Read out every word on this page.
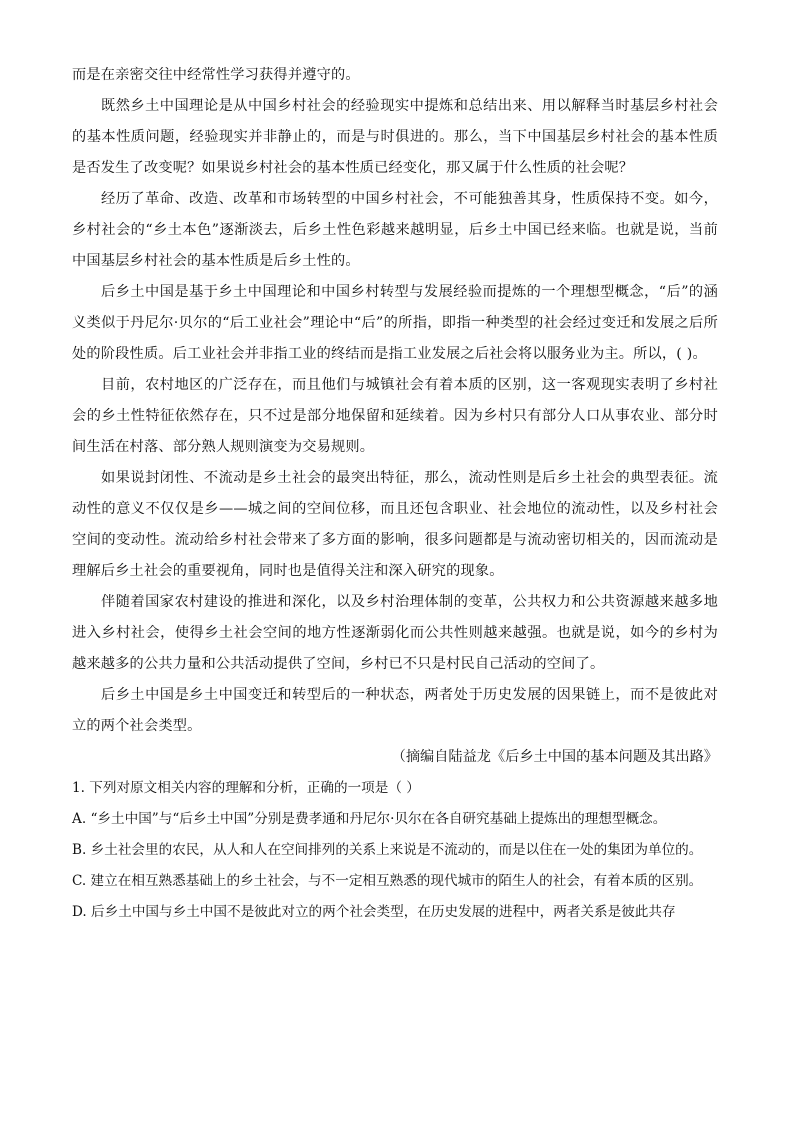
而是在亲密交往中经常性学习获得并遵守的。

既然乡土中国理论是从中国乡村社会的经验现实中提炼和总结出来、用以解释当时基层乡村社会的基本性质问题，经验现实并非静止的，而是与时俱进的。那么，当下中国基层乡村社会的基本性质是否发生了改变呢？如果说乡村社会的基本性质已经变化，那又属于什么性质的社会呢？

经历了革命、改造、改革和市场转型的中国乡村社会，不可能独善其身，性质保持不变。如今，乡村社会的“乡土本色”逐渐淡去，后乡土性色彩越来越明显，后乡土中国已经来临。也就是说，当前中国基层乡村社会的基本性质是后乡土性的。

后乡土中国是基于乡土中国理论和中国乡村转型与发展经验而提炼的一个理想型概念，“后”的涵义类似于丹尼尔·贝尔的“后工业社会”理论中“后”的所指，即指一种类型的社会经过变迁和发展之后所处的阶段性质。后工业社会并非指工业的终结而是指工业发展之后社会将以服务业为主。所以，( )。

目前，农村地区的广泛存在，而且他们与城镇社会有着本质的区别，这一客观现实表明了乡村社会的乡土性特征依然存在，只不过是部分地保留和延续着。因为乡村只有部分人口从事农业、部分时间生活在村落、部分熟人规则演变为交易规则。

如果说封闭性、不流动是乡土社会的最突出特征，那么，流动性则是后乡土社会的典型表征。流动性的意义不仅仅是乡——城之间的空间位移，而且还包含职业、社会地位的流动性，以及乡村社会空间的变动性。流动给乡村社会带来了多方面的影响，很多问题都是与流动密切相关的，因而流动是理解后乡土社会的重要视角，同时也是值得关注和深入研究的现象。

伴随着国家农村建设的推进和深化，以及乡村治理体制的变革，公共权力和公共资源越来越多地进入乡村社会，使得乡土社会空间的地方性逐渐弱化而公共性则越来越强。也就是说，如今的乡村为越来越多的公共力量和公共活动提供了空间，乡村已不只是村民自己活动的空间了。

后乡土中国是乡土中国变迁和转型后的一种状态，两者处于历史发展的因果链上，而不是彼此对立的两个社会类型。

（摘编自陆益龙《后乡土中国的基本问题及其出路》

1. 下列对原文相关内容的理解和分析，正确的一项是（ ）

A. “乡土中国”与“后乡土中国”分别是费孝通和丹尼尔·贝尔在各自研究基础上提炼出的理想型概念。

B. 乡土社会里的农民，从人和人在空间排列的关系上来说是不流动的，而是以住在一处的集团为单位的。

C. 建立在相互熟悉基础上的乡土社会，与不一定相互熟悉的现代城市的陌生人的社会，有着本质的区别。

D. 后乡土中国与乡土中国不是彼此对立的两个社会类型，在历史发展的进程中，两者关系是彼此共存
